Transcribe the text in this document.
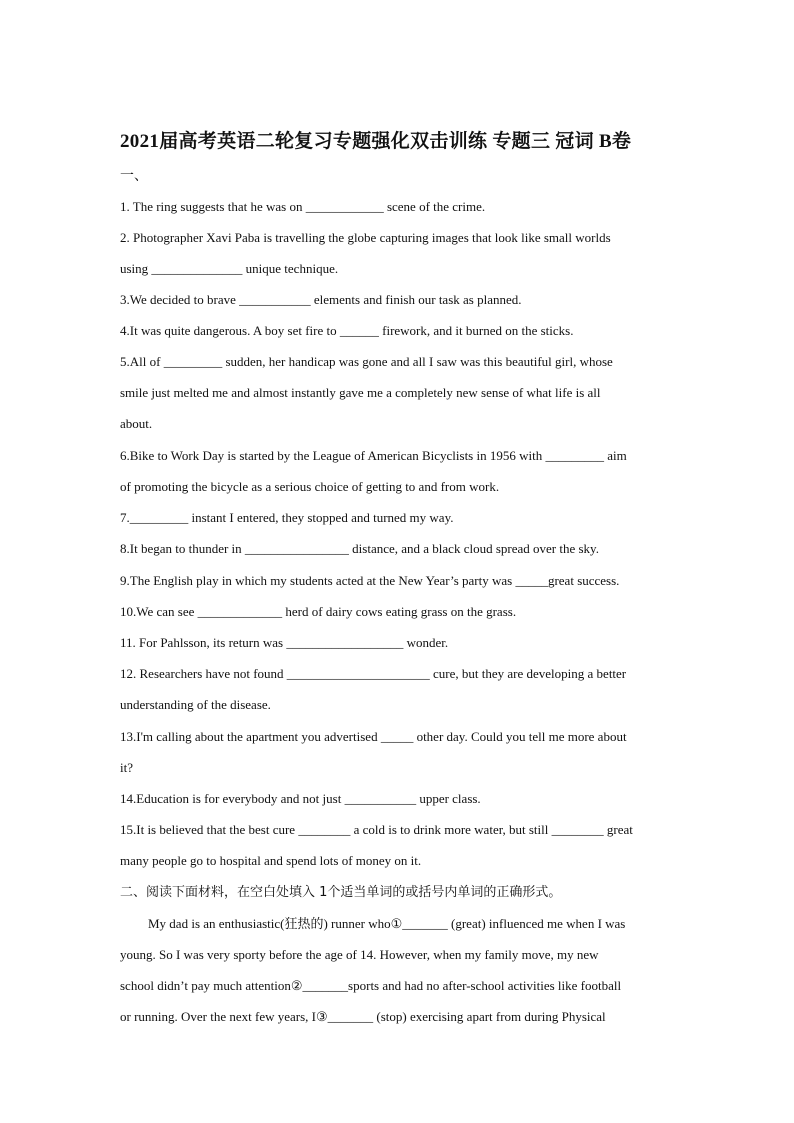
2021届高考英语二轮复习专题强化双击训练 专题三 冠词 B卷
一、
1. The ring suggests that he was on ____________ scene of the crime.
2. Photographer Xavi Paba is travelling the globe capturing images that look like small worlds
using ______________ unique technique.
3.We decided to brave ___________ elements and finish our task as planned.
4.It was quite dangerous. A boy set fire to ______ firework, and it burned on the sticks.
5.All of _________ sudden, her handicap was gone and all I saw was this beautiful girl, whose
smile just melted me and almost instantly gave me a completely new sense of what life is all
about.
6.Bike to Work Day is started by the League of American Bicyclists in 1956 with _________ aim
of promoting the bicycle as a serious choice of getting to and from work.
7._________ instant I entered, they stopped and turned my way.
8.It began to thunder in ________________ distance, and a black cloud spread over the sky.
9.The English play in which my students acted at the New Year’s party was _____great success.
10.We can see _____________ herd of dairy cows eating grass on the grass.
11. For Pahlsson, its return was __________________ wonder.
12. Researchers have not found ______________________ cure, but they are developing a better
understanding of the disease.
13.I'm calling about the apartment you advertised _____ other day. Could you tell me more about
it?
14.Education is for everybody and not just ___________ upper class.
15.It is believed that the best cure ________ a cold is to drink more water, but still ________ great
many people go to hospital and spend lots of money on it.
二、阅读下面材料，在空白处填入 1个适当单词的或括号内单词的正确形式。
My dad is an enthusiastic(狂热的) runner who①_______ (great) influenced me when I was
young. So I was very sporty before the age of 14. However, when my family move, my new
school didn’t pay much attention②_______sports and had no after-school activities like football
or running. Over the next few years, I③_______ (stop) exercising apart from during Physical
